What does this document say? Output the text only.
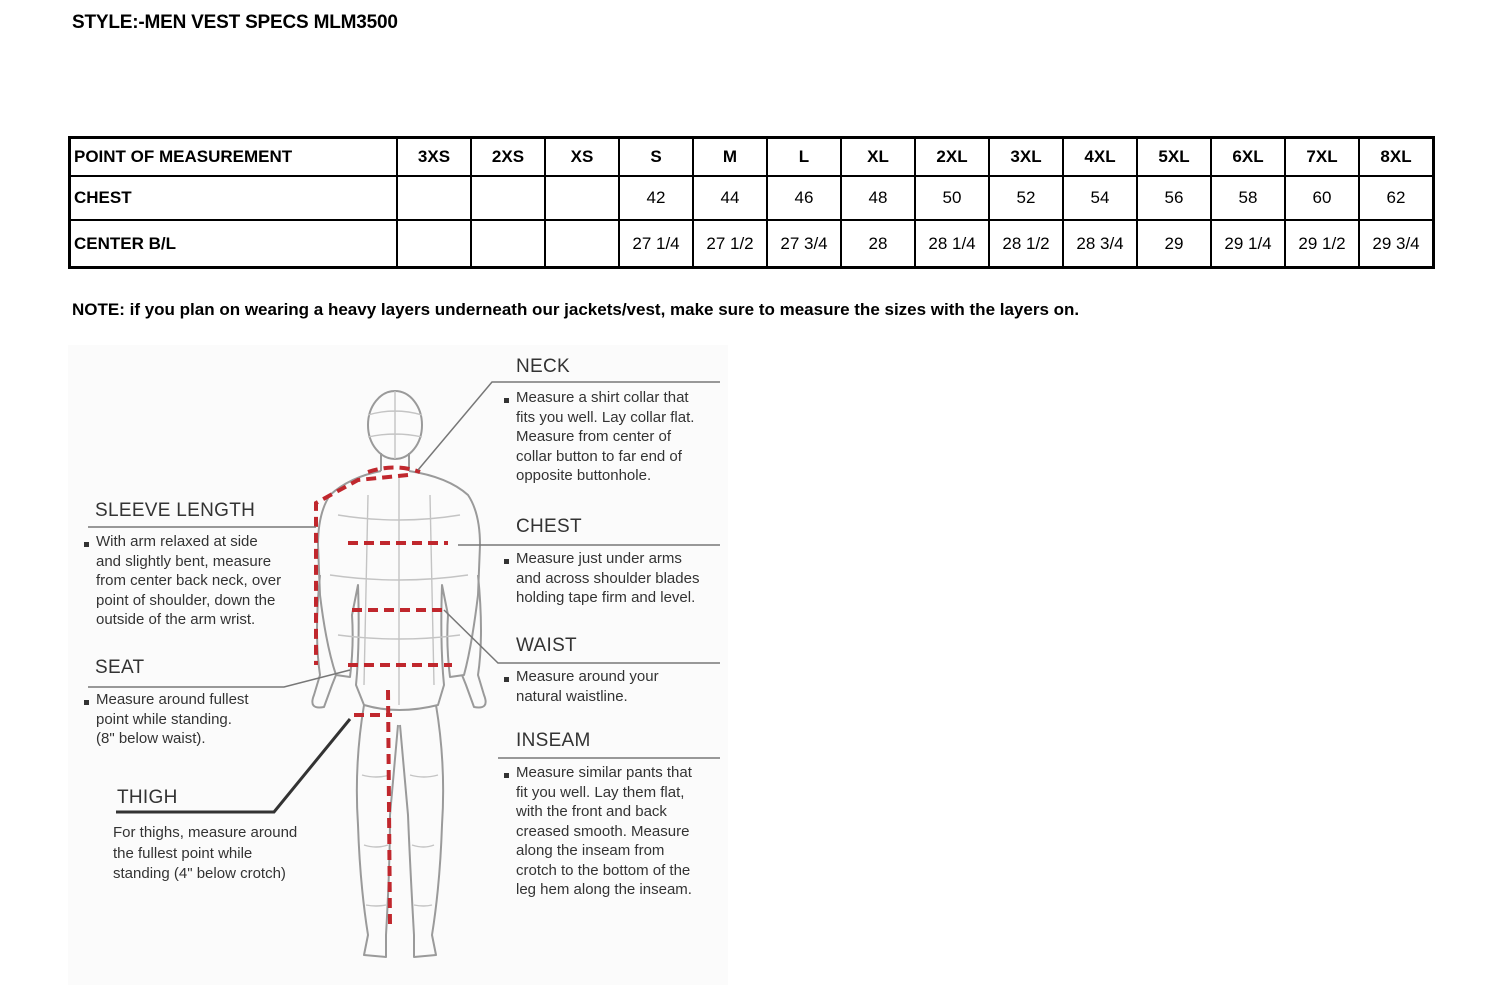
STYLE:-MEN VEST SPECS MLM3500
POINT OF MEASUREMENT	3XS	2XS	XS	S	M	L	XL	2XL	3XL	4XL	5XL	6XL	7XL	8XL
CHEST				42	44	46	48	50	52	54	56	58	60	62
CENTER B/L				27 1/4	27 1/2	27 3/4	28	28 1/4	28 1/2	28 3/4	29	29 1/4	29 1/2	29 3/4
NOTE: if you plan on wearing a heavy layers underneath our jackets/vest, make sure to measure the sizes with the layers on.
NECK
Measure a shirt collar that
fits you well. Lay collar flat.
Measure from center of
collar button to far end of
opposite buttonhole.
CHEST
Measure just under arms
and across shoulder blades
holding tape firm and level.
WAIST
Measure around your
natural waistline.
INSEAM
Measure similar pants that
fit you well. Lay them flat,
with the front and back
creased smooth. Measure
along the inseam from
crotch to the bottom of the
leg hem along the inseam.
SLEEVE LENGTH
With arm relaxed at side
and slightly bent, measure
from center back neck, over
point of shoulder, down the
outside of the arm wrist.
SEAT
Measure around fullest
point while standing.
(8" below waist).
THIGH
For thighs, measure around
the fullest point while
standing (4" below crotch)
